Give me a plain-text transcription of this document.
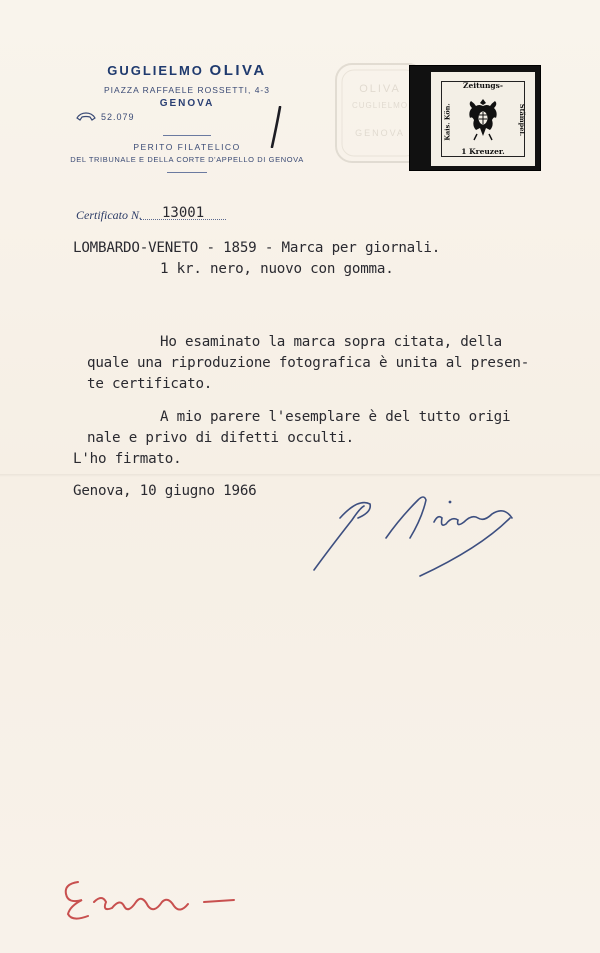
GUGLIELMO OLIVA
PIAZZA RAFFAELE ROSSETTI, 4-3
GENOVA
52.079
PERITO FILATELICO
DEL TRIBUNALE E DELLA CORTE D'APPELLO DI GENOVA
OLIVA
CUGLIELMO
GENOVA
Zeitungs-
Kais. Kön.	Stämpel.
1 Kreuzer.
Certificato N. 13001
LOMBARDO-VENETO - 1859 - Marca per giornali.
1 kr. nero, nuovo con gomma.
Ho esaminato la marca sopra citata, della
quale una riproduzione fotografica è unita al presen-
te certificato.
A mio parere l'esemplare è del tutto origi
nale e privo di difetti occulti.
L'ho firmato.
Genova, 10 giugno 1966
